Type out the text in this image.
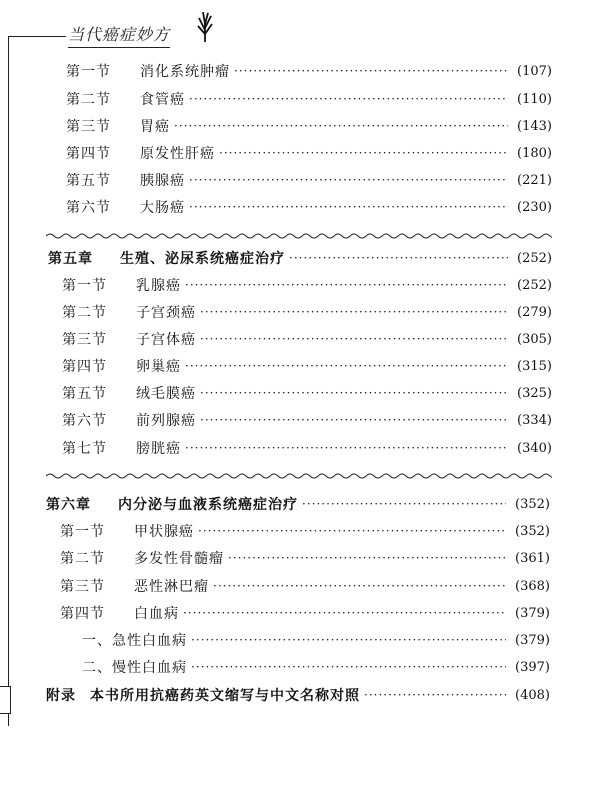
当代癌症妙方
第一节	消化系统肿瘤 ·····	(107)
第二节	食管癌 ·····	(110)
第三节	胃癌 ·····	(143)
第四节	原发性肝癌 ·····	(180)
第五节	胰腺癌 ·····	(221)
第六节	大肠癌 ·····	(230)
第五章	生殖、泌尿系统癌症治疗 ·····	(252)
第一节	乳腺癌 ·····	(252)
第二节	子宫颈癌 ·····	(279)
第三节	子宫体癌 ·····	(305)
第四节	卵巢癌 ·····	(315)
第五节	绒毛膜癌 ·····	(325)
第六节	前列腺癌 ·····	(334)
第七节	膀胱癌 ·····	(340)
第六章	内分泌与血液系统癌症治疗 ·····	(352)
第一节	甲状腺癌 ·····	(352)
第二节	多发性骨髓瘤 ·····	(361)
第三节	恶性淋巴瘤 ·····	(368)
第四节	白血病 ·····	(379)
一、急性白血病 ·····	(379)
二、慢性白血病 ·····	(397)
附录	本书所用抗癌药英文缩写与中文名称对照 ·····	(408)
